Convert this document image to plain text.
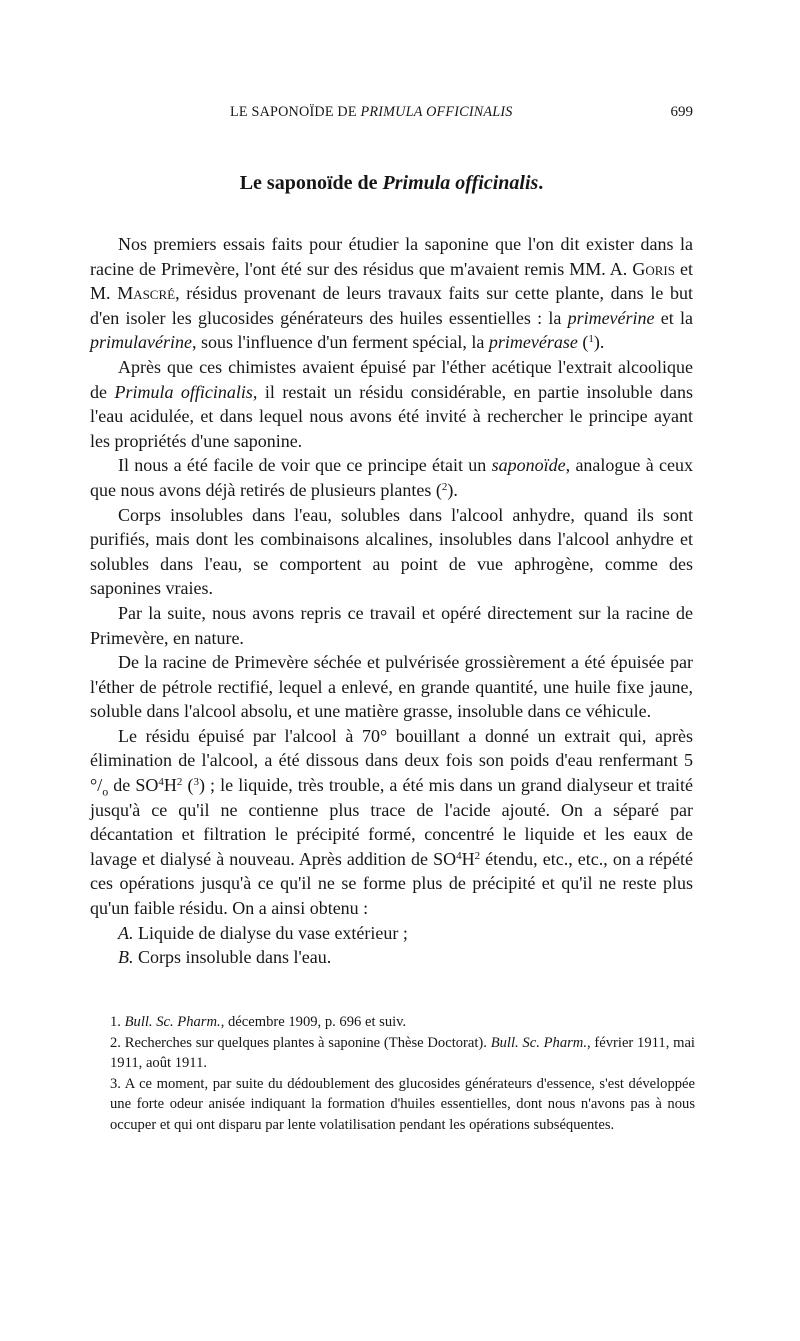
LE SAPONOÏDE DE PRIMULA OFFICINALIS	699
Le saponoïde de Primula officinalis.

Nos premiers essais faits pour étudier la saponine que l'on dit exister dans la racine de Primevère, l'ont été sur des résidus que m'avaient remis MM. A. Goris et M. Mascré, résidus provenant de leurs travaux faits sur cette plante, dans le but d'en isoler les glucosides générateurs des huiles essentielles : la primevérine et la primulavérine, sous l'influence d'un ferment spécial, la primevérase ($^1$).

Après que ces chimistes avaient épuisé par l'éther acétique l'extrait alcoolique de Primula officinalis, il restait un résidu considérable, en partie insoluble dans l'eau acidulée, et dans lequel nous avons été invité à rechercher le principe ayant les propriétés d'une saponine.

Il nous a été facile de voir que ce principe était un saponoïde, analogue à ceux que nous avons déjà retirés de plusieurs plantes ($^2$).

Corps insolubles dans l'eau, solubles dans l'alcool anhydre, quand ils sont purifiés, mais dont les combinaisons alcalines, insolubles dans l'alcool anhydre et solubles dans l'eau, se comportent au point de vue aphrogène, comme des saponines vraies.

Par la suite, nous avons repris ce travail et opéré directement sur la racine de Primevère, en nature.

De la racine de Primevère séchée et pulvérisée grossièrement a été épuisée par l'éther de pétrole rectifié, lequel a enlevé, en grande quantité, une huile fixe jaune, soluble dans l'alcool absolu, et une matière grasse, insoluble dans ce véhicule.

Le résidu épuisé par l'alcool à 70° bouillant a donné un extrait qui, après élimination de l'alcool, a été dissous dans deux fois son poids d'eau renfermant 5 $^\circ/_o$ de $SO^4H^2$ ($^3$) ; le liquide, très trouble, a été mis dans un grand dialyseur et traité jusqu'à ce qu'il ne contienne plus trace de l'acide ajouté. On a séparé par décantation et filtration le précipité formé, concentré le liquide et les eaux de lavage et dialysé à nouveau. Après addition de $SO^4H^2$ étendu, etc., etc., on a répété ces opérations jusqu'à ce qu'il ne se forme plus de précipité et qu'il ne reste plus qu'un faible résidu. On a ainsi obtenu :

A. Liquide de dialyse du vase extérieur ;

B. Corps insoluble dans l'eau.

1. Bull. Sc. Pharm., décembre 1909, p. 696 et suiv.

2. Recherches sur quelques plantes à saponine (Thèse Doctorat). Bull. Sc. Pharm., février 1911, mai 1911, août 1911.

3. A ce moment, par suite du dédoublement des glucosides générateurs d'essence, s'est développée une forte odeur anisée indiquant la formation d'huiles essentielles, dont nous n'avons pas à nous occuper et qui ont disparu par lente volatilisation pendant les opérations subséquentes.
